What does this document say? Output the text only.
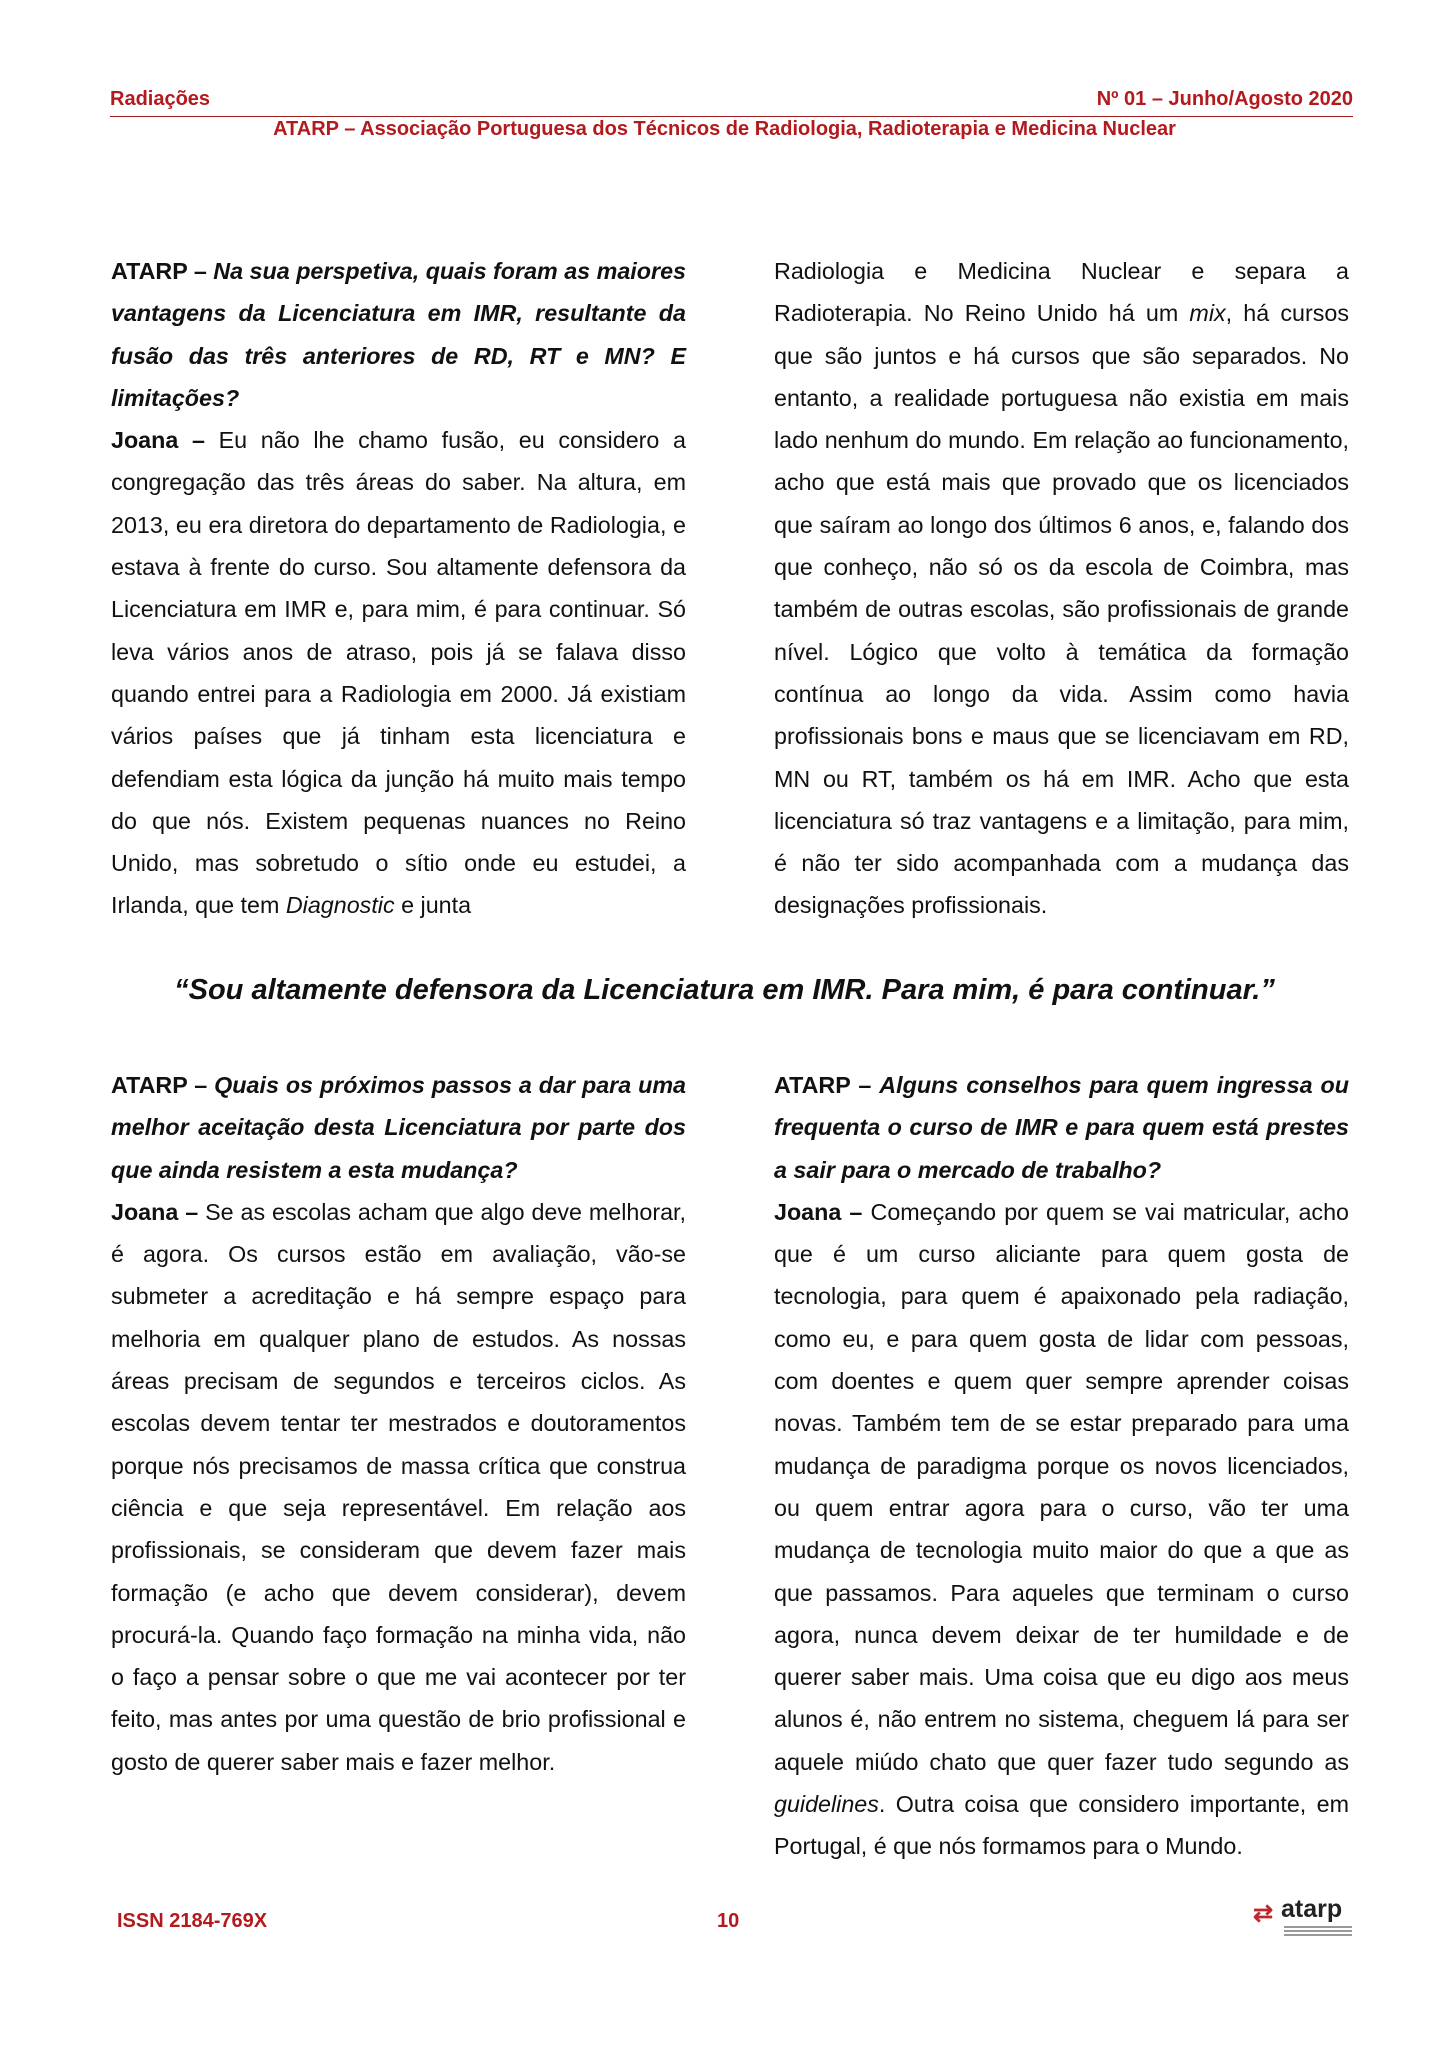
Radiações	Nº 01 – Junho/Agosto 2020
ATARP – Associação Portuguesa dos Técnicos de Radiologia, Radioterapia e Medicina Nuclear

ATARP – Na sua perspetiva, quais foram as maiores vantagens da Licenciatura em IMR, resultante da fusão das três anteriores de RD, RT e MN? E limitações?

Joana – Eu não lhe chamo fusão, eu considero a congregação das três áreas do saber. Na altura, em 2013, eu era diretora do departamento de Radiologia, e estava à frente do curso. Sou altamente defensora da Licenciatura em IMR e, para mim, é para continuar. Só leva vários anos de atraso, pois já se falava disso quando entrei para a Radiologia em 2000. Já existiam vários países que já tinham esta licenciatura e defendiam esta lógica da junção há muito mais tempo do que nós. Existem pequenas nuances no Reino Unido, mas sobretudo o sítio onde eu estudei, a Irlanda, que tem Diagnostic e junta

Radiologia e Medicina Nuclear e separa a Radioterapia. No Reino Unido há um mix, há cursos que são juntos e há cursos que são separados. No entanto, a realidade portuguesa não existia em mais lado nenhum do mundo. Em relação ao funcionamento, acho que está mais que provado que os licenciados que saíram ao longo dos últimos 6 anos, e, falando dos que conheço, não só os da escola de Coimbra, mas também de outras escolas, são profissionais de grande nível. Lógico que volto à temática da formação contínua ao longo da vida. Assim como havia profissionais bons e maus que se licenciavam em RD, MN ou RT, também os há em IMR. Acho que esta licenciatura só traz vantagens e a limitação, para mim, é não ter sido acompanhada com a mudança das designações profissionais.

“Sou altamente defensora da Licenciatura em IMR. Para mim, é para continuar.”

ATARP – Quais os próximos passos a dar para uma melhor aceitação desta Licenciatura por parte dos que ainda resistem a esta mudança?

Joana – Se as escolas acham que algo deve melhorar, é agora. Os cursos estão em avaliação, vão-se submeter a acreditação e há sempre espaço para melhoria em qualquer plano de estudos. As nossas áreas precisam de segundos e terceiros ciclos. As escolas devem tentar ter mestrados e doutoramentos porque nós precisamos de massa crítica que construa ciência e que seja representável. Em relação aos profissionais, se consideram que devem fazer mais formação (e acho que devem considerar), devem procurá-la. Quando faço formação na minha vida, não o faço a pensar sobre o que me vai acontecer por ter feito, mas antes por uma questão de brio profissional e gosto de querer saber mais e fazer melhor.

ATARP – Alguns conselhos para quem ingressa ou frequenta o curso de IMR e para quem está prestes a sair para o mercado de trabalho?

Joana – Começando por quem se vai matricular, acho que é um curso aliciante para quem gosta de tecnologia, para quem é apaixonado pela radiação, como eu, e para quem gosta de lidar com pessoas, com doentes e quem quer sempre aprender coisas novas. Também tem de se estar preparado para uma mudança de paradigma porque os novos licenciados, ou quem entrar agora para o curso, vão ter uma mudança de tecnologia muito maior do que a que as que passamos. Para aqueles que terminam o curso agora, nunca devem deixar de ter humildade e de querer saber mais. Uma coisa que eu digo aos meus alunos é, não entrem no sistema, cheguem lá para ser aquele miúdo chato que quer fazer tudo segundo as guidelines. Outra coisa que considero importante, em Portugal, é que nós formamos para o Mundo.

ISSN 2184-769X	10	⇄ atarp
